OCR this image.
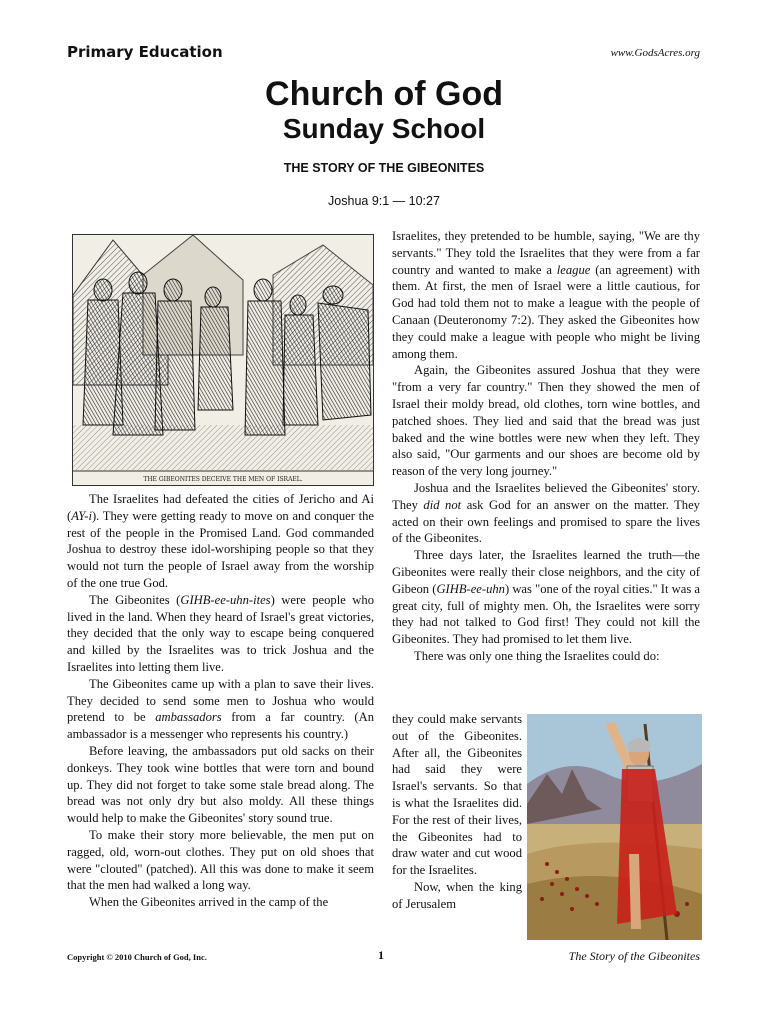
Primary Education	www.GodsAcres.org
Church of God
Sunday School
THE STORY OF THE GIBEONITES
Joshua 9:1 — 10:27
THE GIBEONITES DECEIVE THE MEN OF ISRAEL.

The Israelites had defeated the cities of Jericho and Ai (AY-i). They were getting ready to move on and conquer the rest of the people in the Promised Land. God commanded Joshua to destroy these idol-worshiping people so that they would not turn the people of Israel away from the worship of the one true God.

The Gibeonites (GIHB-ee-uhn-ites) were people who lived in the land. When they heard of Israel's great victories, they decided that the only way to escape being conquered and killed by the Israelites was to trick Joshua and the Israelites into letting them live.

The Gibeonites came up with a plan to save their lives. They decided to send some men to Joshua who would pretend to be ambassadors from a far country. (An ambassador is a messenger who represents his country.)

Before leaving, the ambassadors put old sacks on their donkeys. They took wine bottles that were torn and bound up. They did not forget to take some stale bread along. The bread was not only dry but also moldy. All these things would help to make the Gibeonites' story sound true.

To make their story more believable, the men put on ragged, old, worn-out clothes. They put on old shoes that were "clouted" (patched). All this was done to make it seem that the men had walked a long way.

When the Gibeonites arrived in the camp of the

Israelites, they pretended to be humble, saying, "We are thy servants." They told the Israelites that they were from a far country and wanted to make a league (an agreement) with them. At first, the men of Israel were a little cautious, for God had told them not to make a league with the people of Canaan (Deuteronomy 7:2). They asked the Gibeonites how they could make a league with people who might be living among them.

Again, the Gibeonites assured Joshua that they were "from a very far country." Then they showed the men of Israel their moldy bread, old clothes, torn wine bottles, and patched shoes. They lied and said that the bread was just baked and the wine bottles were new when they left. They also said, "Our garments and our shoes are become old by reason of the very long journey."

Joshua and the Israelites believed the Gibeonites' story. They did not ask God for an answer on the matter. They acted on their own feelings and promised to spare the lives of the Gibeonites.

Three days later, the Israelites learned the truth—the Gibeonites were really their close neighbors, and the city of Gibeon (GIHB-ee-uhn) was "one of the royal cities." It was a great city, full of mighty men. Oh, the Israelites were sorry they had not talked to God first! They could not kill the Gibeonites. They had promised to let them live.

There was only one thing the Israelites could do:

they could make servants out of the Gibeonites. After all, the Gibeonites had said they were Israel's servants. So that is what the Israelites did. For the rest of their lives, the Gibeonites had to draw water and cut wood for the Israelites.

Now, when the king of Jerusalem

Copyright © 2010 Church of God, Inc.	1	The Story of the Gibeonites
